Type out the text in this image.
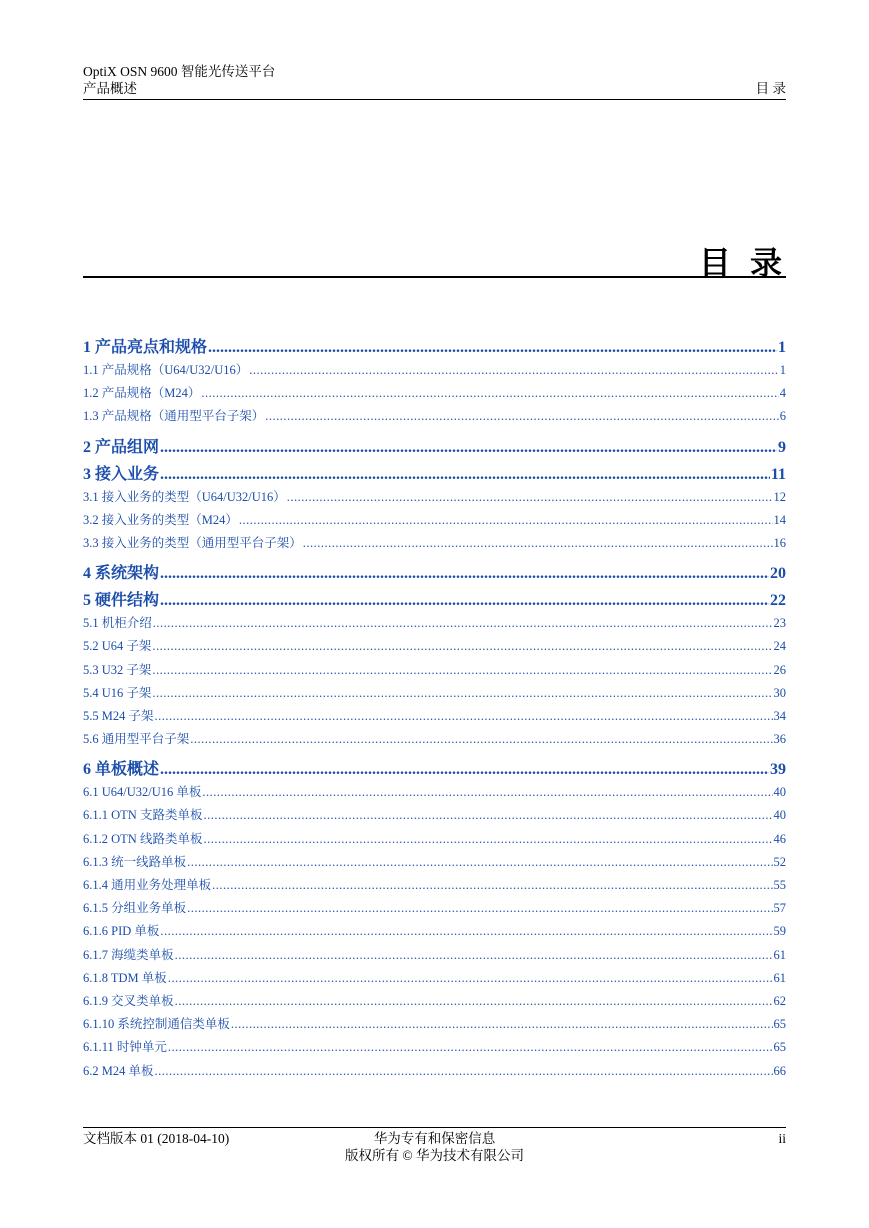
OptiX OSN 9600 智能光传送平台
产品概述	目 录
目 录
1 产品亮点和规格 .....	1
1.1 产品规格（U64/U32/U16） .....	1
1.2 产品规格（M24） .....	4
1.3 产品规格（通用型平台子架） .....	6
2 产品组网 .....	9
3 接入业务 .....	11
3.1 接入业务的类型（U64/U32/U16） .....	12
3.2 接入业务的类型（M24） .....	14
3.3 接入业务的类型（通用型平台子架） .....	16
4 系统架构 .....	20
5 硬件结构 .....	22
5.1 机柜介绍 .....	23
5.2 U64 子架 .....	24
5.3 U32 子架 .....	26
5.4 U16 子架 .....	30
5.5 M24 子架 .....	34
5.6 通用型平台子架 .....	36
6 单板概述 .....	39
6.1 U64/U32/U16 单板 .....	40
6.1.1 OTN 支路类单板 .....	40
6.1.2 OTN 线路类单板 .....	46
6.1.3 统一线路单板 .....	52
6.1.4 通用业务处理单板 .....	55
6.1.5 分组业务单板 .....	57
6.1.6 PID 单板 .....	59
6.1.7 海缆类单板 .....	61
6.1.8 TDM 单板 .....	61
6.1.9 交叉类单板 .....	62
6.1.10 系统控制通信类单板 .....	65
6.1.11 时钟单元 .....	65
6.2 M24 单板 .....	66
文档版本 01 (2018-04-10)	华为专有和保密信息
版权所有 © 华为技术有限公司
ii
